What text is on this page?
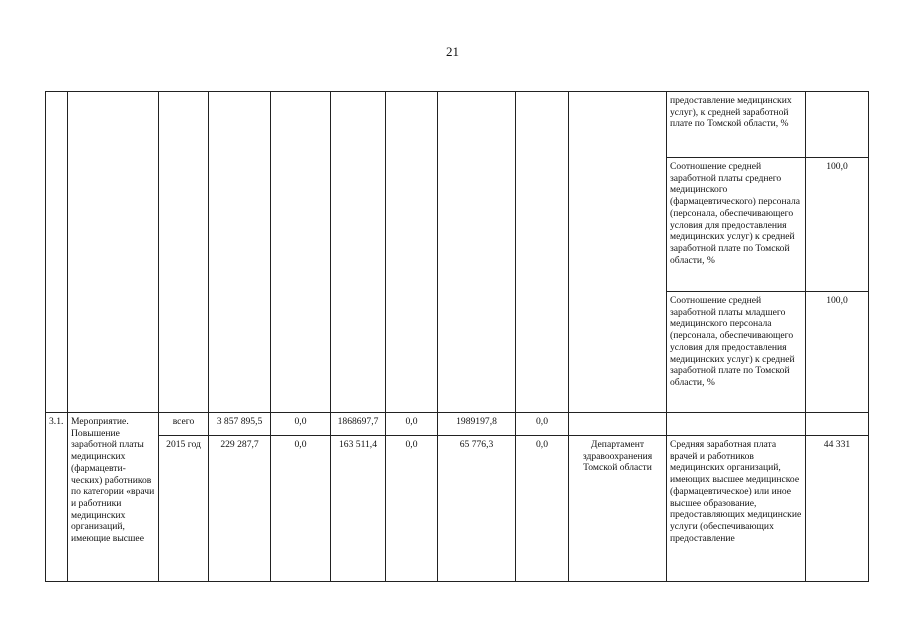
21
										предоставление медицинских услуг), к средней заработной плате по Томской области, %	
										Соотношение средней заработной платы среднего медицинского (фармацевтического) персонала (персонала, обеспечивающего условия для предоставления медицинских услуг) к средней заработной плате по Томской области, %	100,0
										Соотношение средней заработной платы младшего медицинского персонала (персонала, обеспечивающего условия для предоставления медицинских услуг) к средней заработной плате по Томской области, %	100,0
3.1.	Мероприятие. Повышение заработной платы медицинских (фармацевти-ческих) работников по категории «врачи и работники медицинских организаций, имеющие высшее	всего	3 857 895,5	0,0	1868697,7	0,0	1989197,8	0,0			
		2015 год	229 287,7	0,0	163 511,4	0,0	65 776,3	0,0	Департамент здравоохранения Томской области	Средняя заработная плата врачей и работников медицинских организаций, имеющих высшее медицинское (фармацевтическое) или иное высшее образование, предоставляющих медицинские услуги (обеспечивающих предоставление	44 331
